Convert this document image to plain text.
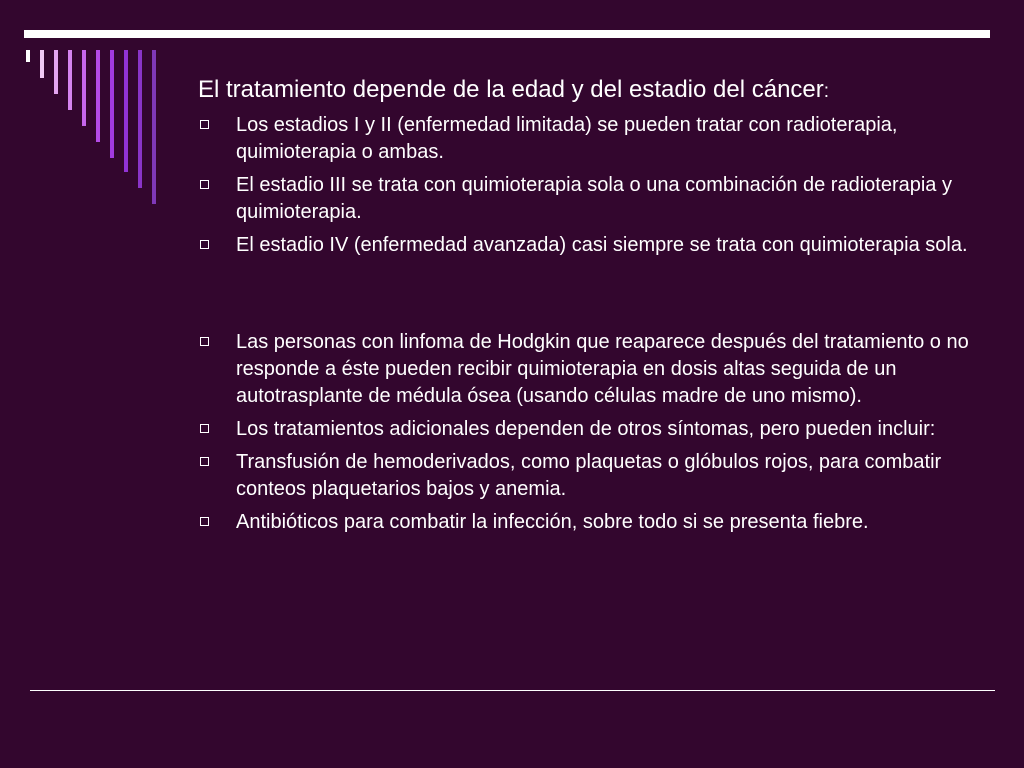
El tratamiento depende de la edad y del estadio del cáncer:

Los estadios I y II (enfermedad limitada) se pueden tratar con radioterapia, quimioterapia o ambas.
El estadio III se trata con quimioterapia sola o una combinación de radioterapia y quimioterapia.
El estadio IV (enfermedad avanzada) casi siempre se trata con quimioterapia sola.
Las personas con linfoma de Hodgkin que reaparece después del tratamiento o no responde a éste pueden recibir quimioterapia en dosis altas seguida de un autotrasplante de médula ósea (usando células madre de uno mismo).
Los tratamientos adicionales dependen de otros síntomas, pero pueden incluir:
Transfusión de hemoderivados, como plaquetas o glóbulos rojos, para combatir conteos plaquetarios bajos y anemia.
Antibióticos para combatir la infección, sobre todo si se presenta fiebre.
